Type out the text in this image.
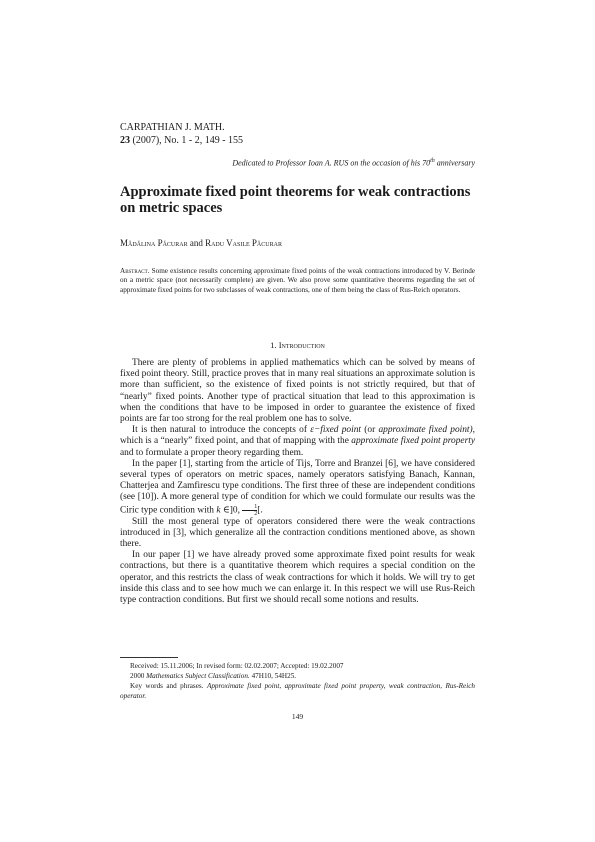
CARPATHIAN J. MATH.
23 (2007), No. 1 - 2, 149 - 155
Dedicated to Professor Ioan A. RUS on the occasion of his 70th anniversary
Approximate fixed point theorems for weak contractions on metric spaces
Mădălina Păcurar and Radu Vasile Păcurar
Abstract. Some existence results concerning approximate fixed points of the weak contractions introduced by V. Berinde on a metric space (not necessarily complete) are given. We also prove some quantitative theorems regarding the set of approximate fixed points for two subclasses of weak contractions, one of them being the class of Rus-Reich operators.
1. Introduction

There are plenty of problems in applied mathematics which can be solved by means of fixed point theory. Still, practice proves that in many real situations an approximate solution is more than sufficient, so the existence of fixed points is not strictly required, but that of “nearly” fixed points. Another type of practical situation that lead to this approximation is when the conditions that have to be imposed in order to guarantee the existence of fixed points are far too strong for the real problem one has to solve.

It is then natural to introduce the concepts of ε−fixed point (or approximate fixed point), which is a “nearly” fixed point, and that of mapping with the approximate fixed point property and to formulate a proper theory regarding them.

In the paper [1], starting from the article of Tijs, Torre and Branzei [6], we have considered several types of operators on metric spaces, namely operators satisfying Banach, Kannan, Chatterjea and Zamfirescu type conditions. The first three of these are independent conditions (see [10]). A more general type of condition for which we could formulate our results was the Ciric type condition with k ∈]0, $\frac{1}{2}$ [.

Still the most general type of operators considered there were the weak contractions introduced in [3], which generalize all the contraction conditions mentioned above, as shown there.

In our paper [1] we have already proved some approximate fixed point results for weak contractions, but there is a quantitative theorem which requires a special condition on the operator, and this restricts the class of weak contractions for which it holds. We will try to get inside this class and to see how much we can enlarge it. In this respect we will use Rus-Reich type contraction conditions. But first we should recall some notions and results.

Received: 15.11.2006; In revised form: 02.02.2007; Accepted: 19.02.2007
2000 Mathematics Subject Classification. 47H10, 54H25.
Key words and phrases. Approximate fixed point, approximate fixed point property, weak contraction, Rus-Reich operator.
149
